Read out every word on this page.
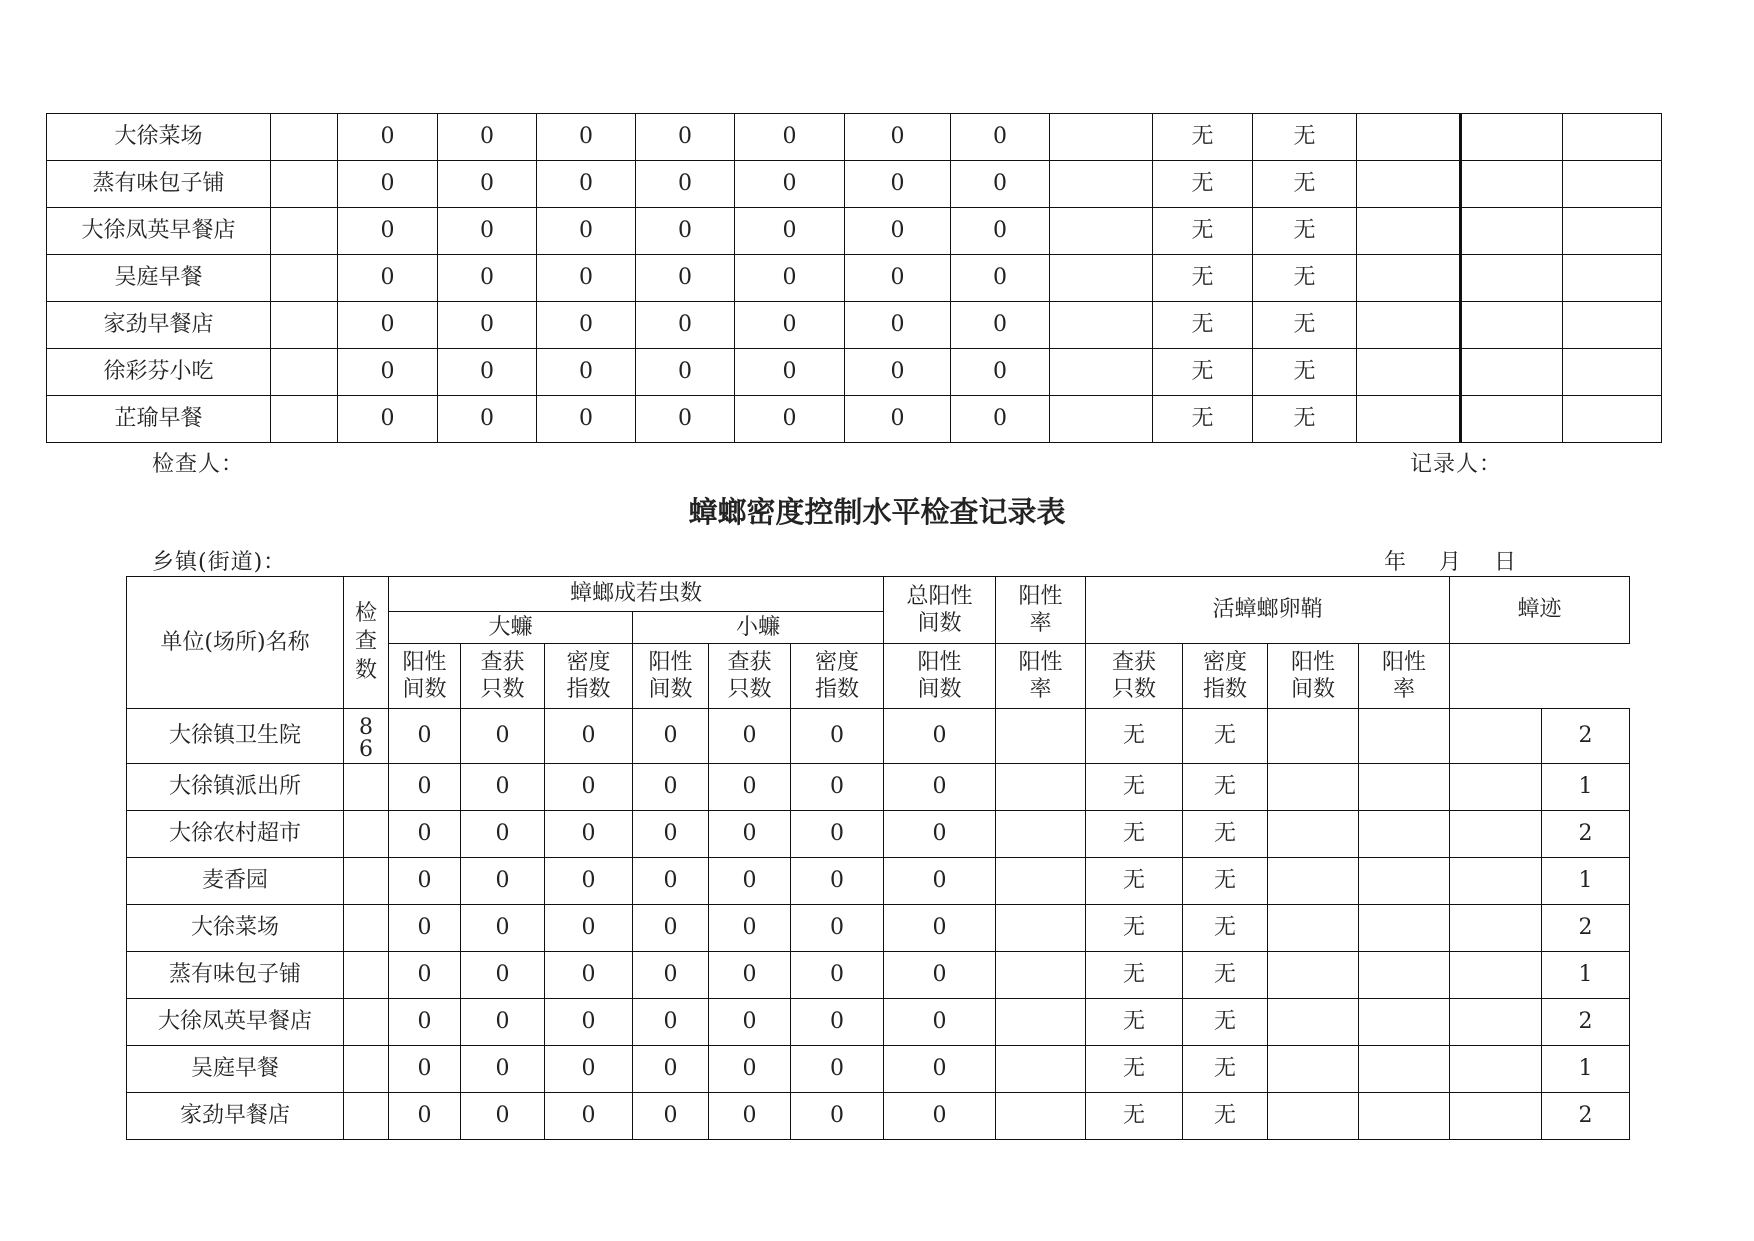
大徐菜场		0	0	0	0	0	0	0		无	无			
蒸有味包子铺		0	0	0	0	0	0	0		无	无			
大徐凤英早餐店		0	0	0	0	0	0	0		无	无			
吴庭早餐		0	0	0	0	0	0	0		无	无			
家劲早餐店		0	0	0	0	0	0	0		无	无			
徐彩芬小吃		0	0	0	0	0	0	0		无	无			
芷瑜早餐		0	0	0	0	0	0	0		无	无			
检查人：	记录人：
蟑螂密度控制水平检查记录表
乡镇(街道)：	年    月    日
单位(场所)名称	检查数	蟑螂成若虫数						总阳性间数	阳性率	活蟑螂卵鞘				蟑迹	
		大蠊			小蠊										

		阳性间数	查获只数	密度指数	阳性间数	查获只数	密度指数	阳性间数	阳性率	查获只数	密度指数	阳性间数	阳性率		

大徐镇卫生院	86	0	0	0	0	0	0	0		无	无				2
大徐镇派出所		0	0	0	0	0	0	0		无	无				1
大徐农村超市		0	0	0	0	0	0	0		无	无				2
麦香园		0	0	0	0	0	0	0		无	无				1
大徐菜场		0	0	0	0	0	0	0		无	无				2
蒸有味包子铺		0	0	0	0	0	0	0		无	无				1
大徐凤英早餐店		0	0	0	0	0	0	0		无	无				2
吴庭早餐		0	0	0	0	0	0	0		无	无				1
家劲早餐店		0	0	0	0	0	0	0		无	无				2
